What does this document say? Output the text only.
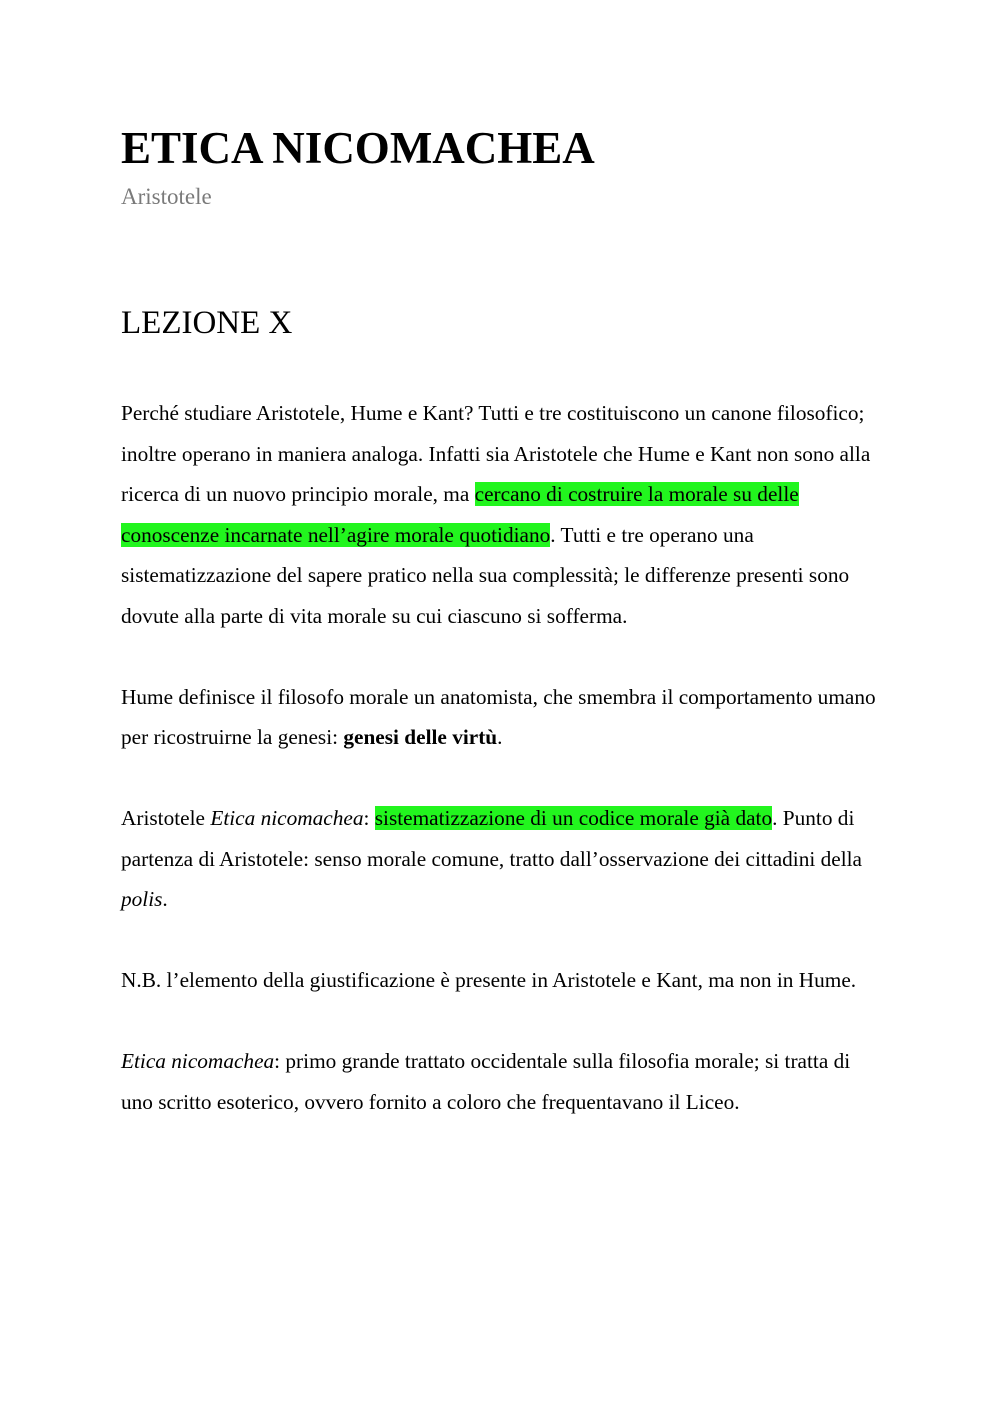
ETICA NICOMACHEA
Aristotele
LEZIONE X

Perché studiare Aristotele, Hume e Kant? Tutti e tre costituiscono un canone filosofico; inoltre operano in maniera analoga. Infatti sia Aristotele che Hume e Kant non sono alla ricerca di un nuovo principio morale, ma cercano di costruire la morale su delle conoscenze incarnate nell’agire morale quotidiano. Tutti e tre operano una sistematizzazione del sapere pratico nella sua complessità; le differenze presenti sono dovute alla parte di vita morale su cui ciascuno si sofferma.

Hume definisce il filosofo morale un anatomista, che smembra il comportamento umano per ricostruirne la genesi: genesi delle virtù.

Aristotele Etica nicomachea: sistematizzazione di un codice morale già dato. Punto di partenza di Aristotele: senso morale comune, tratto dall’osservazione dei cittadini della polis.

N.B. l’elemento della giustificazione è presente in Aristotele e Kant, ma non in Hume.

Etica nicomachea: primo grande trattato occidentale sulla filosofia morale; si tratta di uno scritto esoterico, ovvero fornito a coloro che frequentavano il Liceo.
